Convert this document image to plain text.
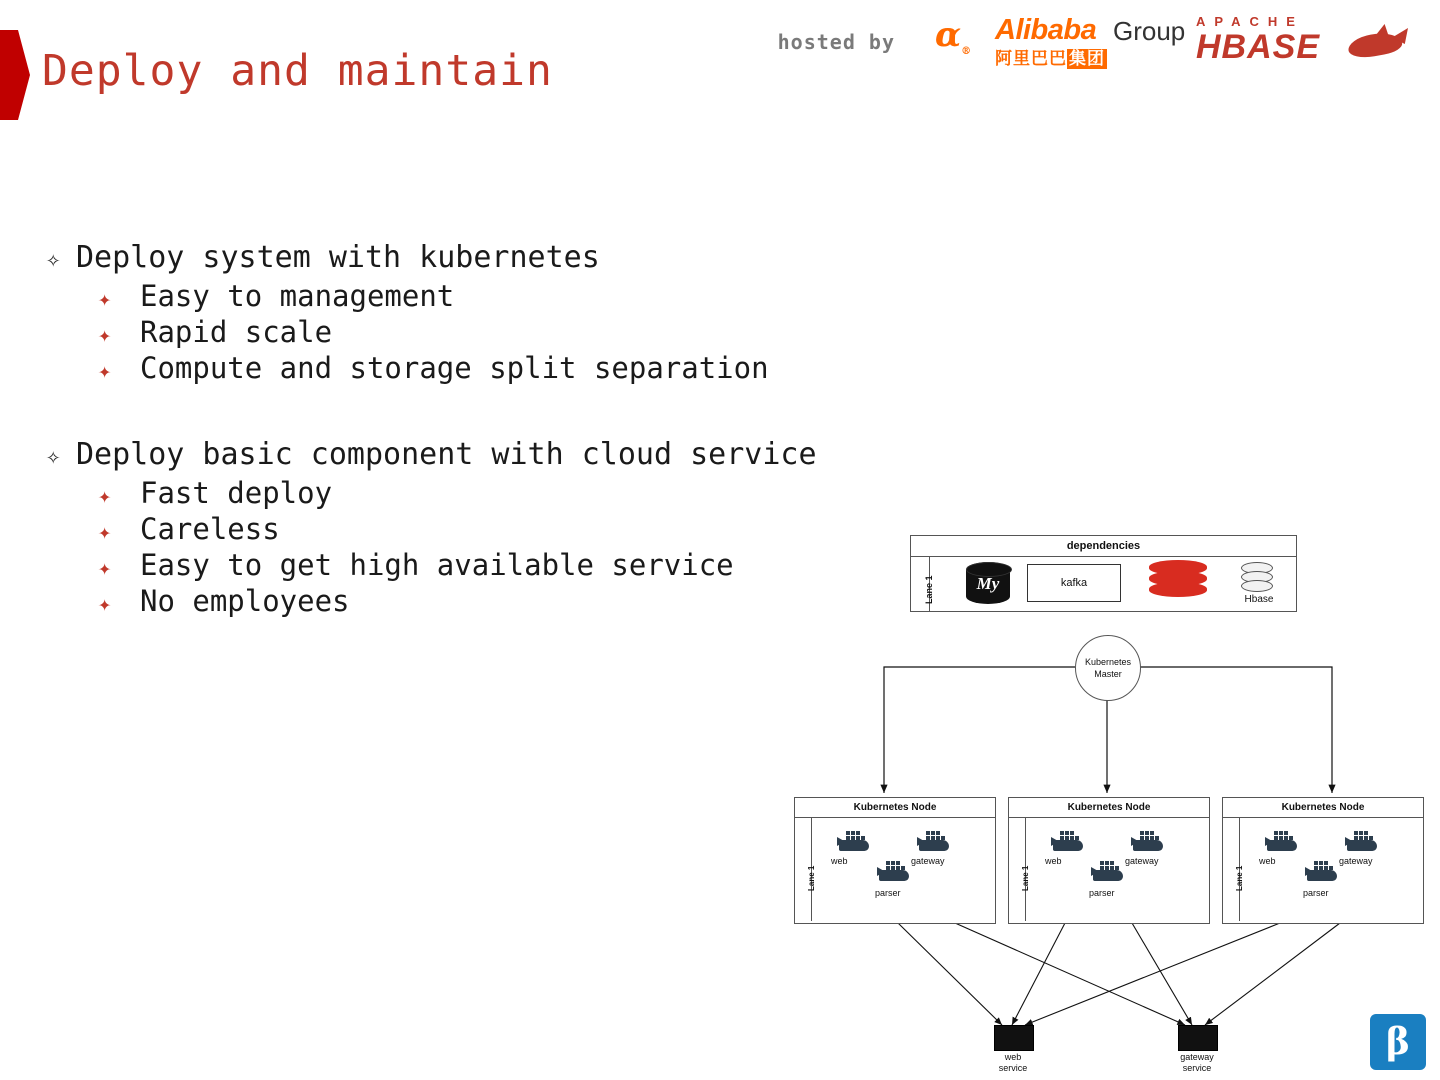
Deploy and maintain
hosted by $\alpha_®$
Alibaba Group
阿里巴巴 集团
APACHE
HBASE
✧ Deploy system with kubernetes
✦ Easy to management
✦ Rapid scale
✦ Compute and storage split separation
✧ Deploy basic component with cloud service
✦ Fast deploy
✦ Careless
✦ Easy to get high available service
✦ No employees
dependencies
Lane 1	My	kafka
Hbase
Kubernetes
Master
Kubernetes Node
Lane 1
web	gateway
parser
Kubernetes Node
Lane 1
web	gateway
parser
Kubernetes Node
Lane 1
web	gateway
parser
web
service
gateway
service
β
